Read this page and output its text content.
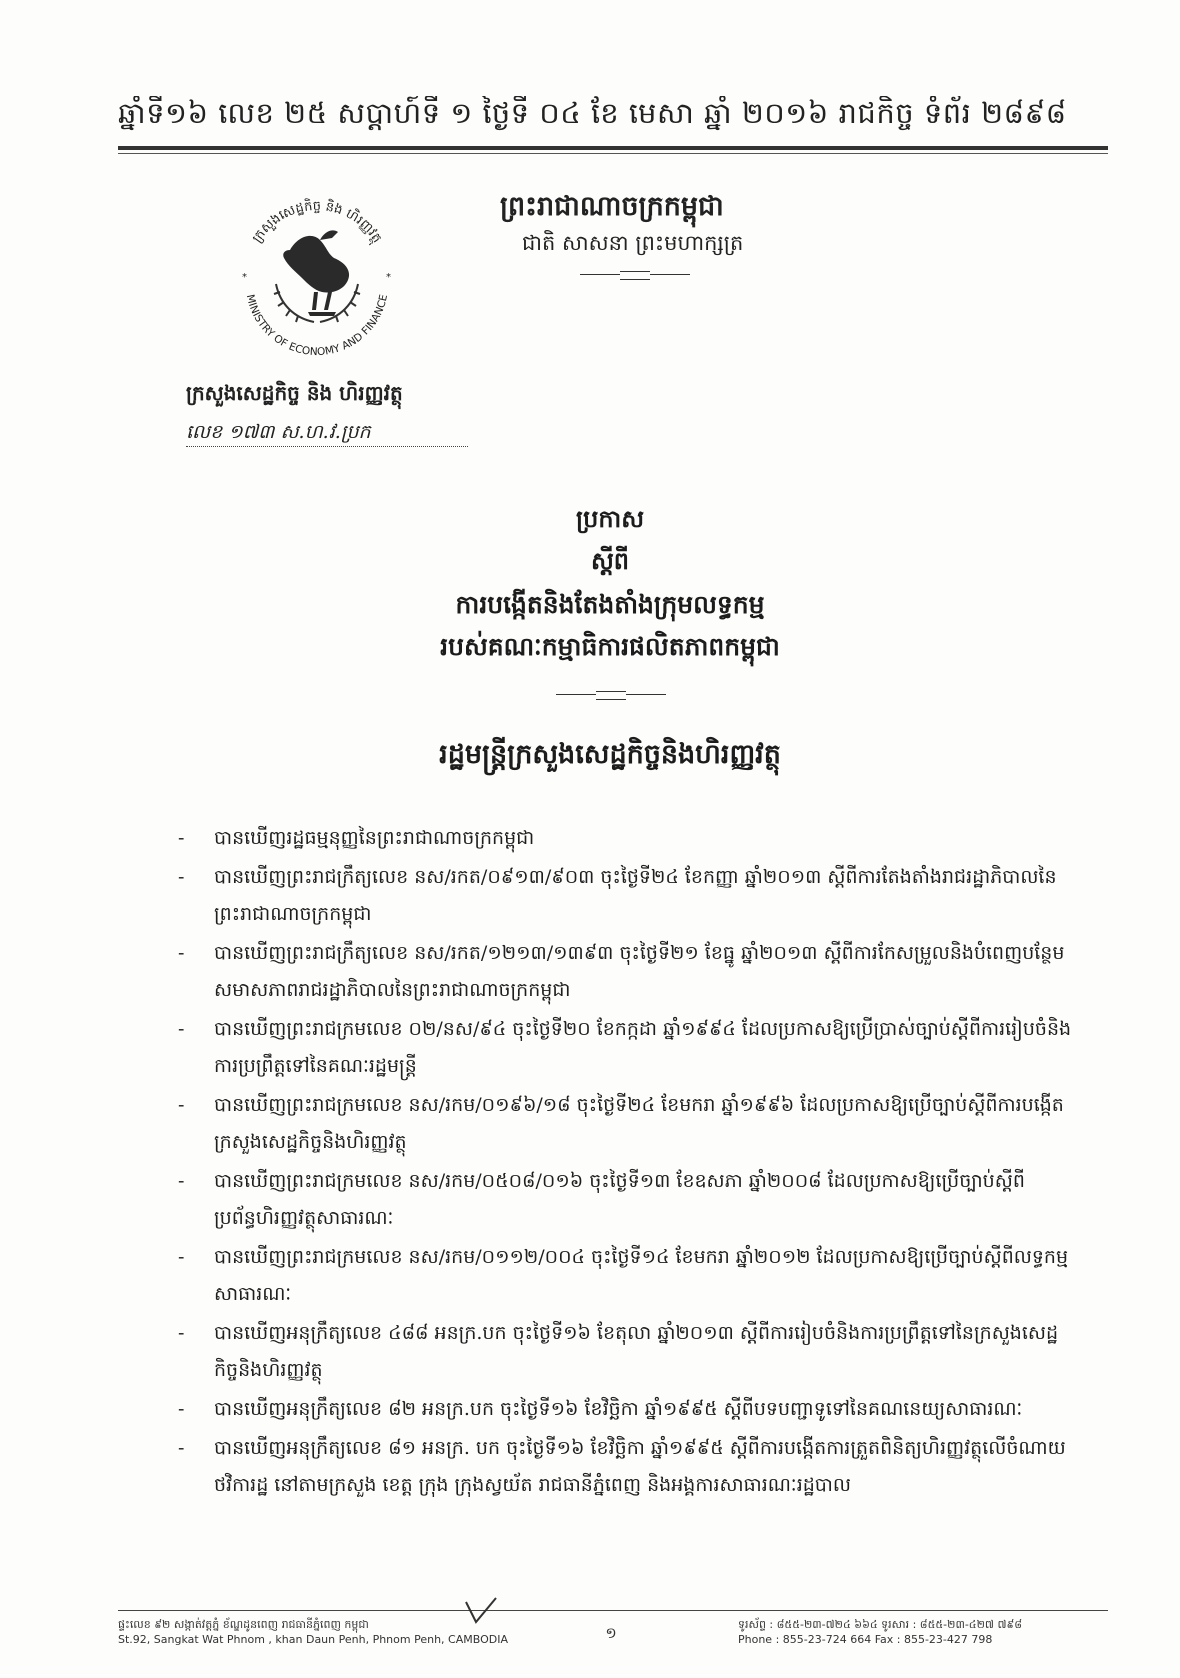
ឆ្នាំទី១៦ លេខ ២៥ សប្តាហ៍ទី ១ ថ្ងៃទី ០៤ ខែ មេសា ឆ្នាំ ២០១៦ រាជកិច្ច ទំព័រ ២៨៩៨
ព្រះរាជាណាចក្រកម្ពុជា
ជាតិ សាសនា ព្រះមហាក្សត្រ
ក្រសួងសេដ្ឋកិច្ច និង ហិរញ្ញវត្ថុ
MINISTRY OF ECONOMY AND FINANCE
*	*
ក្រសួងសេដ្ឋកិច្ច និង ហិរញ្ញវត្ថុ
លេខ ១៧៣ ស.ហ.វ.ប្រក
ប្រកាស
ស្តីពី
ការបង្កើតនិងតែងតាំងក្រុមលទ្ធកម្ម
របស់គណៈកម្មាធិការផលិតភាពកម្ពុជា
រដ្ឋមន្ត្រីក្រសួងសេដ្ឋកិច្ចនិងហិរញ្ញវត្ថុ
- បានឃើញរដ្ឋធម្មនុញ្ញនៃព្រះរាជាណាចក្រកម្ពុជា
- បានឃើញព្រះរាជក្រឹត្យលេខ នស/រកត/០៩១៣/៩០៣ ចុះថ្ងៃទី២៤ ខែកញ្ញា ឆ្នាំ២០១៣ ស្តីពីការតែងតាំងរាជរដ្ឋាភិបាលនៃព្រះរាជាណាចក្រកម្ពុជា
- បានឃើញព្រះរាជក្រឹត្យលេខ នស/រកត/១២១៣/១៣៩៣ ចុះថ្ងៃទី២១ ខែធ្នូ ឆ្នាំ២០១៣ ស្តីពីការកែសម្រួលនិងបំពេញបន្ថែមសមាសភាពរាជរដ្ឋាភិបាលនៃព្រះរាជាណាចក្រកម្ពុជា
- បានឃើញព្រះរាជក្រមលេខ ០២/នស/៩៤ ចុះថ្ងៃទី២០ ខែកក្កដា ឆ្នាំ១៩៩៤ ដែលប្រកាសឱ្យប្រើប្រាស់ច្បាប់ស្តីពីការរៀបចំនិងការប្រព្រឹត្តទៅនៃគណៈរដ្ឋមន្ត្រី
- បានឃើញព្រះរាជក្រមលេខ នស/រកម/០១៩៦/១៨ ចុះថ្ងៃទី២៤ ខែមករា ឆ្នាំ១៩៩៦ ដែលប្រកាសឱ្យប្រើច្បាប់ស្តីពីការបង្កើតក្រសួងសេដ្ឋកិច្ចនិងហិរញ្ញវត្ថុ
- បានឃើញព្រះរាជក្រមលេខ នស/រកម/០៥០៨/០១៦ ចុះថ្ងៃទី១៣ ខែឧសភា ឆ្នាំ២០០៨ ដែលប្រកាសឱ្យប្រើច្បាប់ស្តីពីប្រព័ន្ធហិរញ្ញវត្ថុសាធារណៈ
- បានឃើញព្រះរាជក្រមលេខ នស/រកម/០១១២/០០៤ ចុះថ្ងៃទី១៤ ខែមករា ឆ្នាំ២០១២ ដែលប្រកាសឱ្យប្រើច្បាប់ស្តីពីលទ្ធកម្មសាធារណៈ
- បានឃើញអនុក្រឹត្យលេខ ៤៨៨ អនក្រ.បក ចុះថ្ងៃទី១៦ ខែតុលា ឆ្នាំ២០១៣ ស្តីពីការរៀបចំនិងការប្រព្រឹត្តទៅនៃក្រសួងសេដ្ឋកិច្ចនិងហិរញ្ញវត្ថុ
- បានឃើញអនុក្រឹត្យលេខ ៨២ អនក្រ.បក ចុះថ្ងៃទី១៦ ខែវិច្ឆិកា ឆ្នាំ១៩៩៥ ស្តីពីបទបញ្ជាទូទៅនៃគណនេយ្យសាធារណៈ
- បានឃើញអនុក្រឹត្យលេខ ៨១ អនក្រ. បក ចុះថ្ងៃទី១៦ ខែវិច្ឆិកា ឆ្នាំ១៩៩៥ ស្តីពីការបង្កើតការត្រួតពិនិត្យហិរញ្ញវត្ថុលើចំណាយថវិការដ្ឋ នៅតាមក្រសួង ខេត្ត ក្រុង ក្រុងស្វយ័ត រាជធានីភ្នំពេញ និងអង្គការសាធារណៈរដ្ឋបាល
ផ្ទះលេខ ៩២ សង្កាត់វត្តភ្នំ ខ័ណ្ឌដូនពេញ រាជធានីភ្នំពេញ កម្ពុជា
St.92, Sangkat Wat Phnom , khan Daun Penh, Phnom Penh, CAMBODIA	១	ទូរស័ព្ទ : ៨៥៥-២៣-៧២៤ ៦៦៤ ទូរសារ : ៨៥៥-២៣-៤២៧ ៧៩៨
Phone : 855-23-724 664 Fax : 855-23-427 798
